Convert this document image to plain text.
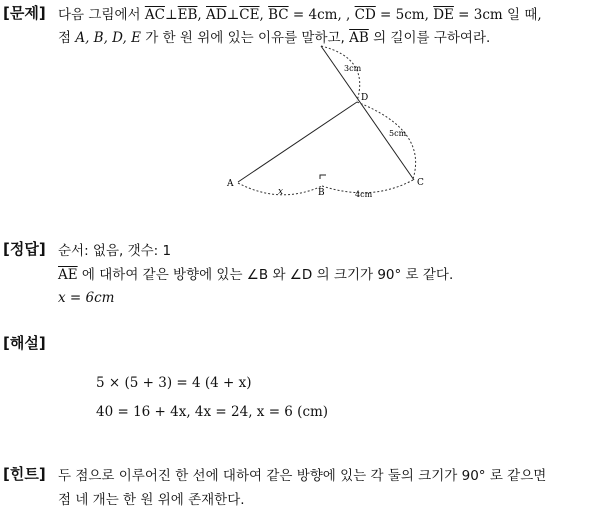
[문제] 다음 그림에서 $\overline{AC}\perp\overline{EB}$, $\overline{AD}\perp\overline{CE}$, $\overline{BC} = 4cm$, , $\overline{CD} = 5cm$, $\overline{DE} = 3cm$ 일 때,
점 A, B, D, E 가 한 원 위에 있는 이유를 말하고, $\overline{AB}$ 의 길이를 구하여라.
A
B
C
D
x
3cm
5cm
4cm
[정답] 순서: 없음, 갯수: 1
$\overline{AE}$ 에 대하여 같은 방향에 있는 ∠B 와 ∠D 의 크기가 90° 로 같다.
x = 6cm
[해설]
5 × (5 + 3) = 4 (4 + x)
40 = 16 + 4x, 4x = 24, x = 6 (cm)
[힌트] 두 점으로 이루어진 한 선에 대하여 같은 방향에 있는 각 둘의 크기가 90° 로 같으면
점 네 개는 한 원 위에 존재한다.
